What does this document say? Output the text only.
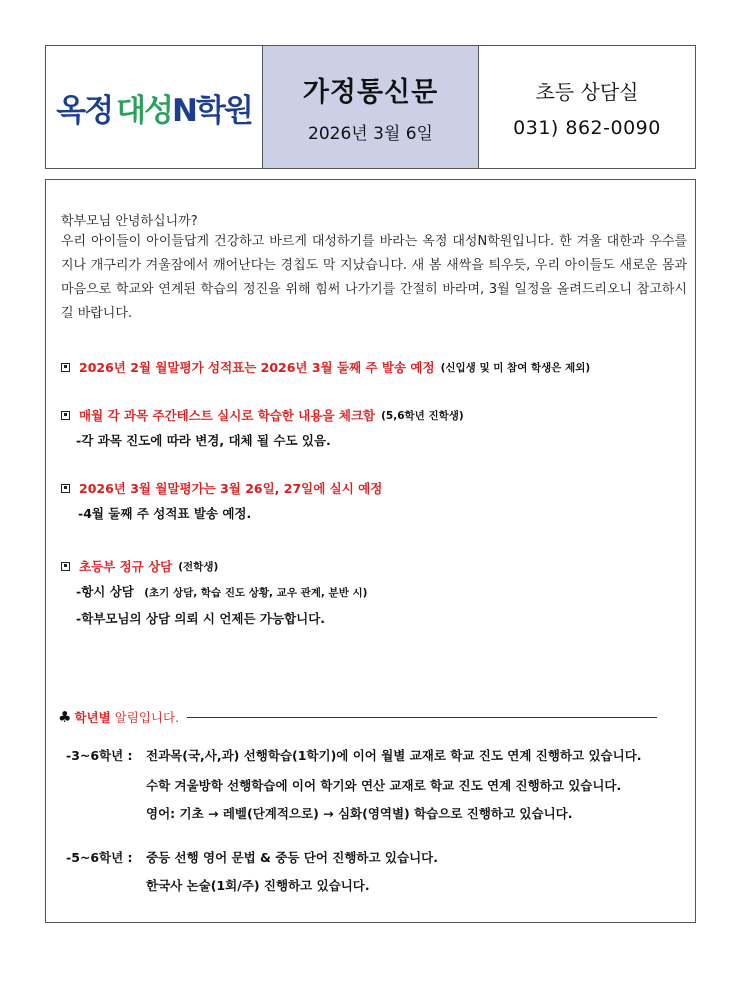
옥정 대성 N 학원 가정통신문
2026년 3월 6일
초등 상담실
031) 862-0090
학부모님 안녕하십니까?
우리 아이들이 아이들답게 건강하고 바르게 대성하기를 바라는 옥정 대성N학원입니다. 한 겨울 대한과 우수를 지나 개구리가 겨울잠에서 깨어난다는 경칩도 막 지났습니다. 새 봄 새싹을 틔우듯, 우리 아이들도 새로운 몸과 마음으로 학교와 연계된 학습의 정진을 위해 힘써 나가기를 간절히 바라며, 3월 일정을 올려드리오니 참고하시길 바랍니다.
2026년 2월 월말평가 성적표는 2026년 3월 둘째 주 발송 예정 (신입생 및 미 참여 학생은 제외)
매월 각 과목 주간테스트 실시로 학습한 내용을 체크함 (5,6학년 진학생)
-각 과목 진도에 따라 변경, 대체 될 수도 있음.
2026년 3월 월말평가는 3월 26일, 27일에 실시 예정
-4월 둘째 주 성적표 발송 예정.
초등부 정규 상담 (전학생)
-항시 상담 (초기 상담, 학습 진도 상황, 교우 관계, 분반 시)
-학부모님의 상담 의뢰 시 언제든 가능합니다.
♣ 학년별 알림입니다.
-3~6학년 : 전과목(국,사,과) 선행학습(1학기)에 이어 월별 교재로 학교 진도 연계 진행하고 있습니다.
수학 겨울방학 선행학습에 이어 학기와 연산 교재로 학교 진도 연계 진행하고 있습니다.
영어: 기초 → 레벨(단계적으로) → 심화(영역별) 학습으로 진행하고 있습니다.
-5~6학년 : 중등 선행 영어 문법 & 중등 단어 진행하고 있습니다.
한국사 논술(1회/주) 진행하고 있습니다.
